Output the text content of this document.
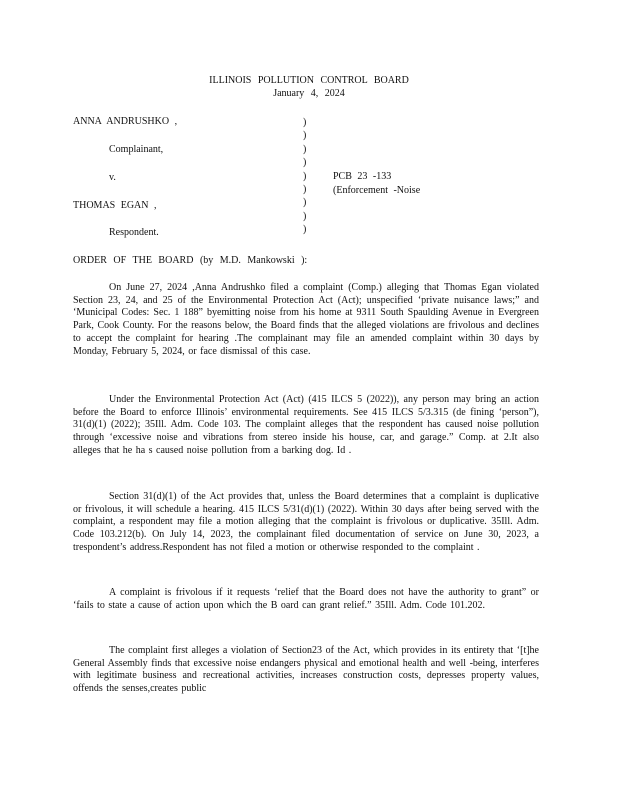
ILLINOIS POLLUTION CONTROL BOARD
January 4, 2024
ANNA ANDRUSHKO ,
Complainant,
v.
THOMAS EGAN ,
Respondent.
)
)
)
)
)
)
)
)
)
PCB 23 -133
(Enforcement -Noise
ORDER OF THE BOARD (by M.D. Mankowski ):
On June 27, 2024 ,Anna Andrushko filed a complaint (Comp.) alleging that Thomas Egan violated Section 23, 24, and 25 of the Environmental Protection Act (Act); unspecified ‘private nuisance laws;” and ‘Municipal Codes: Sec. 1 188” byemitting noise from his home at 9311 South Spaulding Avenue in Evergreen Park, Cook County. For the reasons below, the Board finds that the alleged violations are frivolous and declines to accept the complaint for hearing .The complainant may file an amended complaint within 30 days by Monday, February 5, 2024, or face dismissal of this case.
Under the Environmental Protection Act (Act) (415 ILCS 5 (2022)), any person may bring an action before the Board to enforce Illinois’ environmental requirements. See 415 ILCS 5/3.315 (de fining ‘person”), 31(d)(1) (2022); 35Ill. Adm. Code 103. The complaint alleges that the respondent has caused noise pollution through ‘excessive noise and vibrations from stereo inside his house, car, and garage.” Comp. at 2.It also alleges that he ha s caused noise pollution from a barking dog. Id .
Section 31(d)(1) of the Act provides that, unless the Board determines that a complaint is duplicative or frivolous, it will schedule a hearing. 415 ILCS 5/31(d)(1) (2022). Within 30 days after being served with the complaint, a respondent may file a motion alleging that the complaint is frivolous or duplicative. 35Ill. Adm. Code 103.212(b). On July 14, 2023, the complainant filed documentation of service on June 30, 2023, a trespondent’s address.Respondent has not filed a motion or otherwise responded to the complaint .
A complaint is frivolous if it requests ‘relief that the Board does not have the authority to grant” or ‘fails to state a cause of action upon which the B oard can grant relief.” 35Ill. Adm. Code 101.202.
The complaint first alleges a violation of Section23 of the Act, which provides in its entirety that ‘[t]he General Assembly finds that excessive noise endangers physical and emotional health and well -being, interferes with legitimate business and recreational activities, increases construction costs, depresses property values, offends the senses,creates public
